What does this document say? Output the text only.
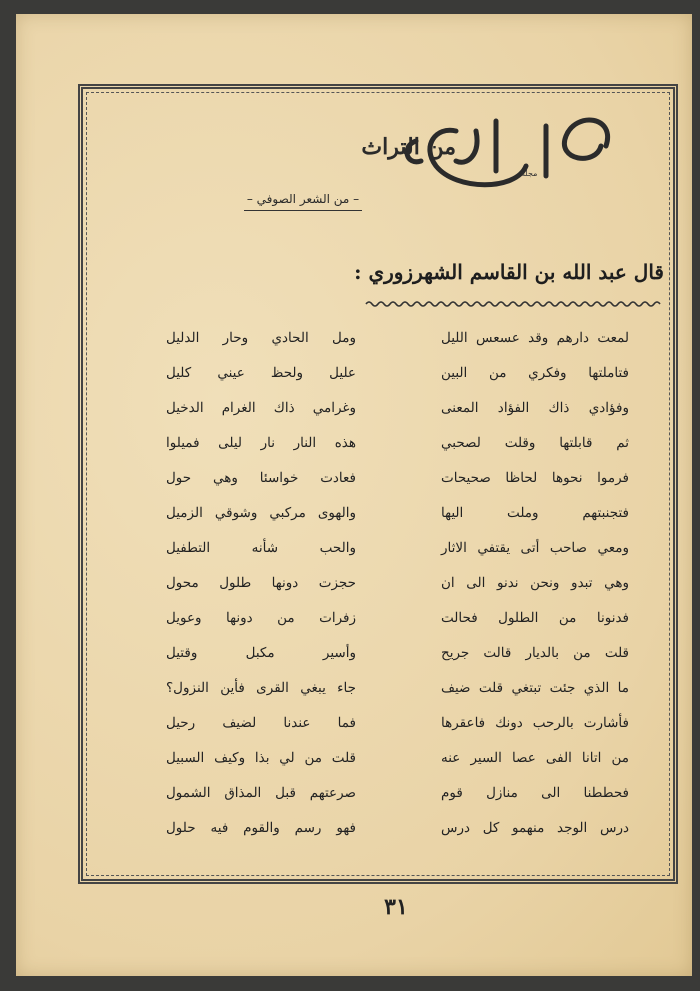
من التراث
مجلة
– من الشعر الصوفي –
قال عبد الله بن القاسم الشهرزوري :
لمعت دارهم وقد عسعس الليل
فتاملتها وفكري من البين
وفؤادي ذاك الفؤاد المعنى
ثم قابلتها وقلت لصحبي
فرموا نحوها لحاظا صحيحات
فتجنبتهم وملت اليها
ومعي صاحب أتى يقتفي الاثار
وهي تبدو ونحن ندنو الى ان
فدنونا من الطلول فحالت
قلت من بالديار قالت جريح
ما الذي جئت تبتغي قلت ضيف
فأشارت بالرحب دونك فاعقرها
من اتانا الفى عصا السير عنه
فحططنا الى منازل قوم
درس الوجد منهمو كل درس
ومل الحادي وحار الدليل
عليل ولحظ عيني كليل
وغرامي ذاك الغرام الدخيل
هذه النار نار ليلى فميلوا
فعادت خواسئا وهي حول
والهوى مركبي وشوقي الزميل
والحب شأنه التطفيل
حجزت دونها طلول محول
زفرات من دونها وعويل
وأسير مكبل وقتيل
جاء يبغي القرى فأين النزول؟
فما عندنا لضيف رحيل
قلت من لي بذا وكيف السبيل
صرعتهم قبل المذاق الشمول
فهو رسم والقوم فيه حلول
٣١
